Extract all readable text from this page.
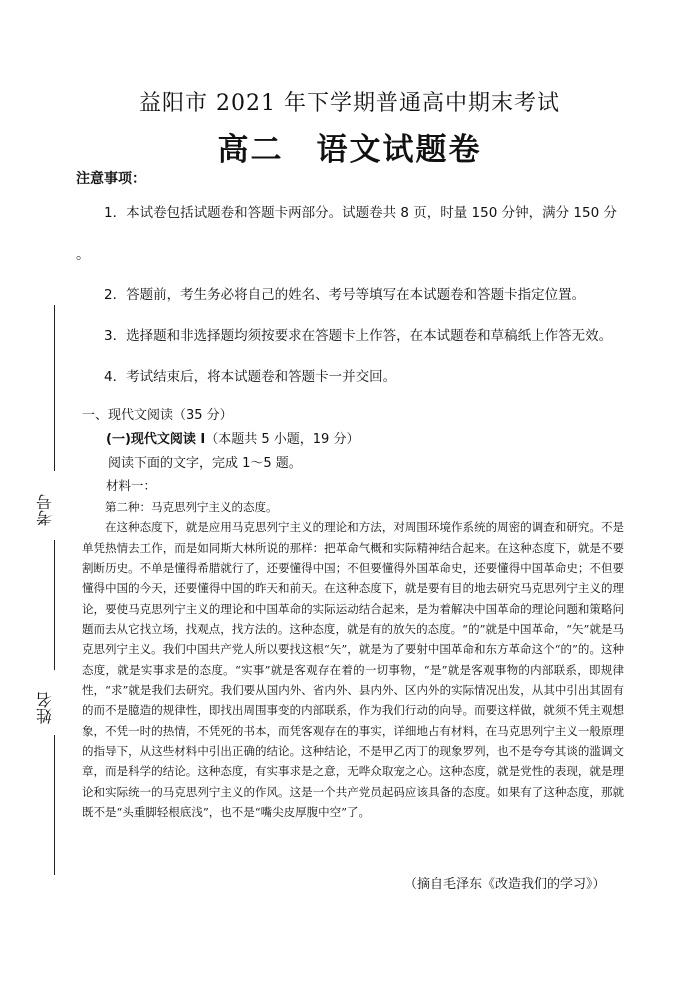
益阳市 2021 年下学期普通高中期末考试
高二　语文试题卷
注意事项：
1．本试卷包括试题卷和答题卡两部分。试题卷共 8 页，时量 150 分钟，满分 150 分
。
2．答题前，考生务必将自己的姓名、考号等填写在本试题卷和答题卡指定位置。
3．选择题和非选择题均须按要求在答题卡上作答，在本试题卷和草稿纸上作答无效。
4．考试结束后，将本试题卷和答题卡一并交回。
考号
姓名
一、现代文阅读（35 分）
(一)现代文阅读 I（本题共 5 小题，19 分）
阅读下面的文字，完成 1～5 题。
材料一：

第二种：马克思列宁主义的态度。

在这种态度下，就是应用马克思列宁主义的理论和方法，对周围环境作系统的周密的调查和研究。不是单凭热情去工作，而是如同斯大林所说的那样：把革命气概和实际精神结合起来。在这种态度下，就是不要割断历史。不单是懂得希腊就行了，还要懂得中国；不但要懂得外国革命史，还要懂得中国革命史；不但要懂得中国的今天，还要懂得中国的昨天和前天。在这种态度下，就是要有目的地去研究马克思列宁主义的理论，要使马克思列宁主义的理论和中国革命的实际运动结合起来，是为着解决中国革命的理论问题和策略问题而去从它找立场，找观点，找方法的。这种态度，就是有的放矢的态度。“的”就是中国革命，“矢”就是马克思列宁主义。我们中国共产党人所以要找这根“矢”，就是为了要射中国革命和东方革命这个“的”的。这种态度，就是实事求是的态度。“实事”就是客观存在着的一切事物，“是”就是客观事物的内部联系，即规律性，“求”就是我们去研究。我们要从国内外、省内外、县内外、区内外的实际情况出发，从其中引出其固有的而不是臆造的规律性，即找出周围事变的内部联系，作为我们行动的向导。而要这样做，就须不凭主观想象，不凭一时的热情，不凭死的书本，而凭客观存在的事实，详细地占有材料，在马克思列宁主义一般原理的指导下，从这些材料中引出正确的结论。这种结论，不是甲乙丙丁的现象罗列，也不是夸夸其谈的滥调文章，而是科学的结论。这种态度，有实事求是之意，无哗众取宠之心。这种态度，就是党性的表现，就是理论和实际统一的马克思列宁主义的作风。这是一个共产党员起码应该具备的态度。如果有了这种态度，那就既不是“头重脚轻根底浅”，也不是“嘴尖皮厚腹中空”了。

（摘自毛泽东《改造我们的学习》）
